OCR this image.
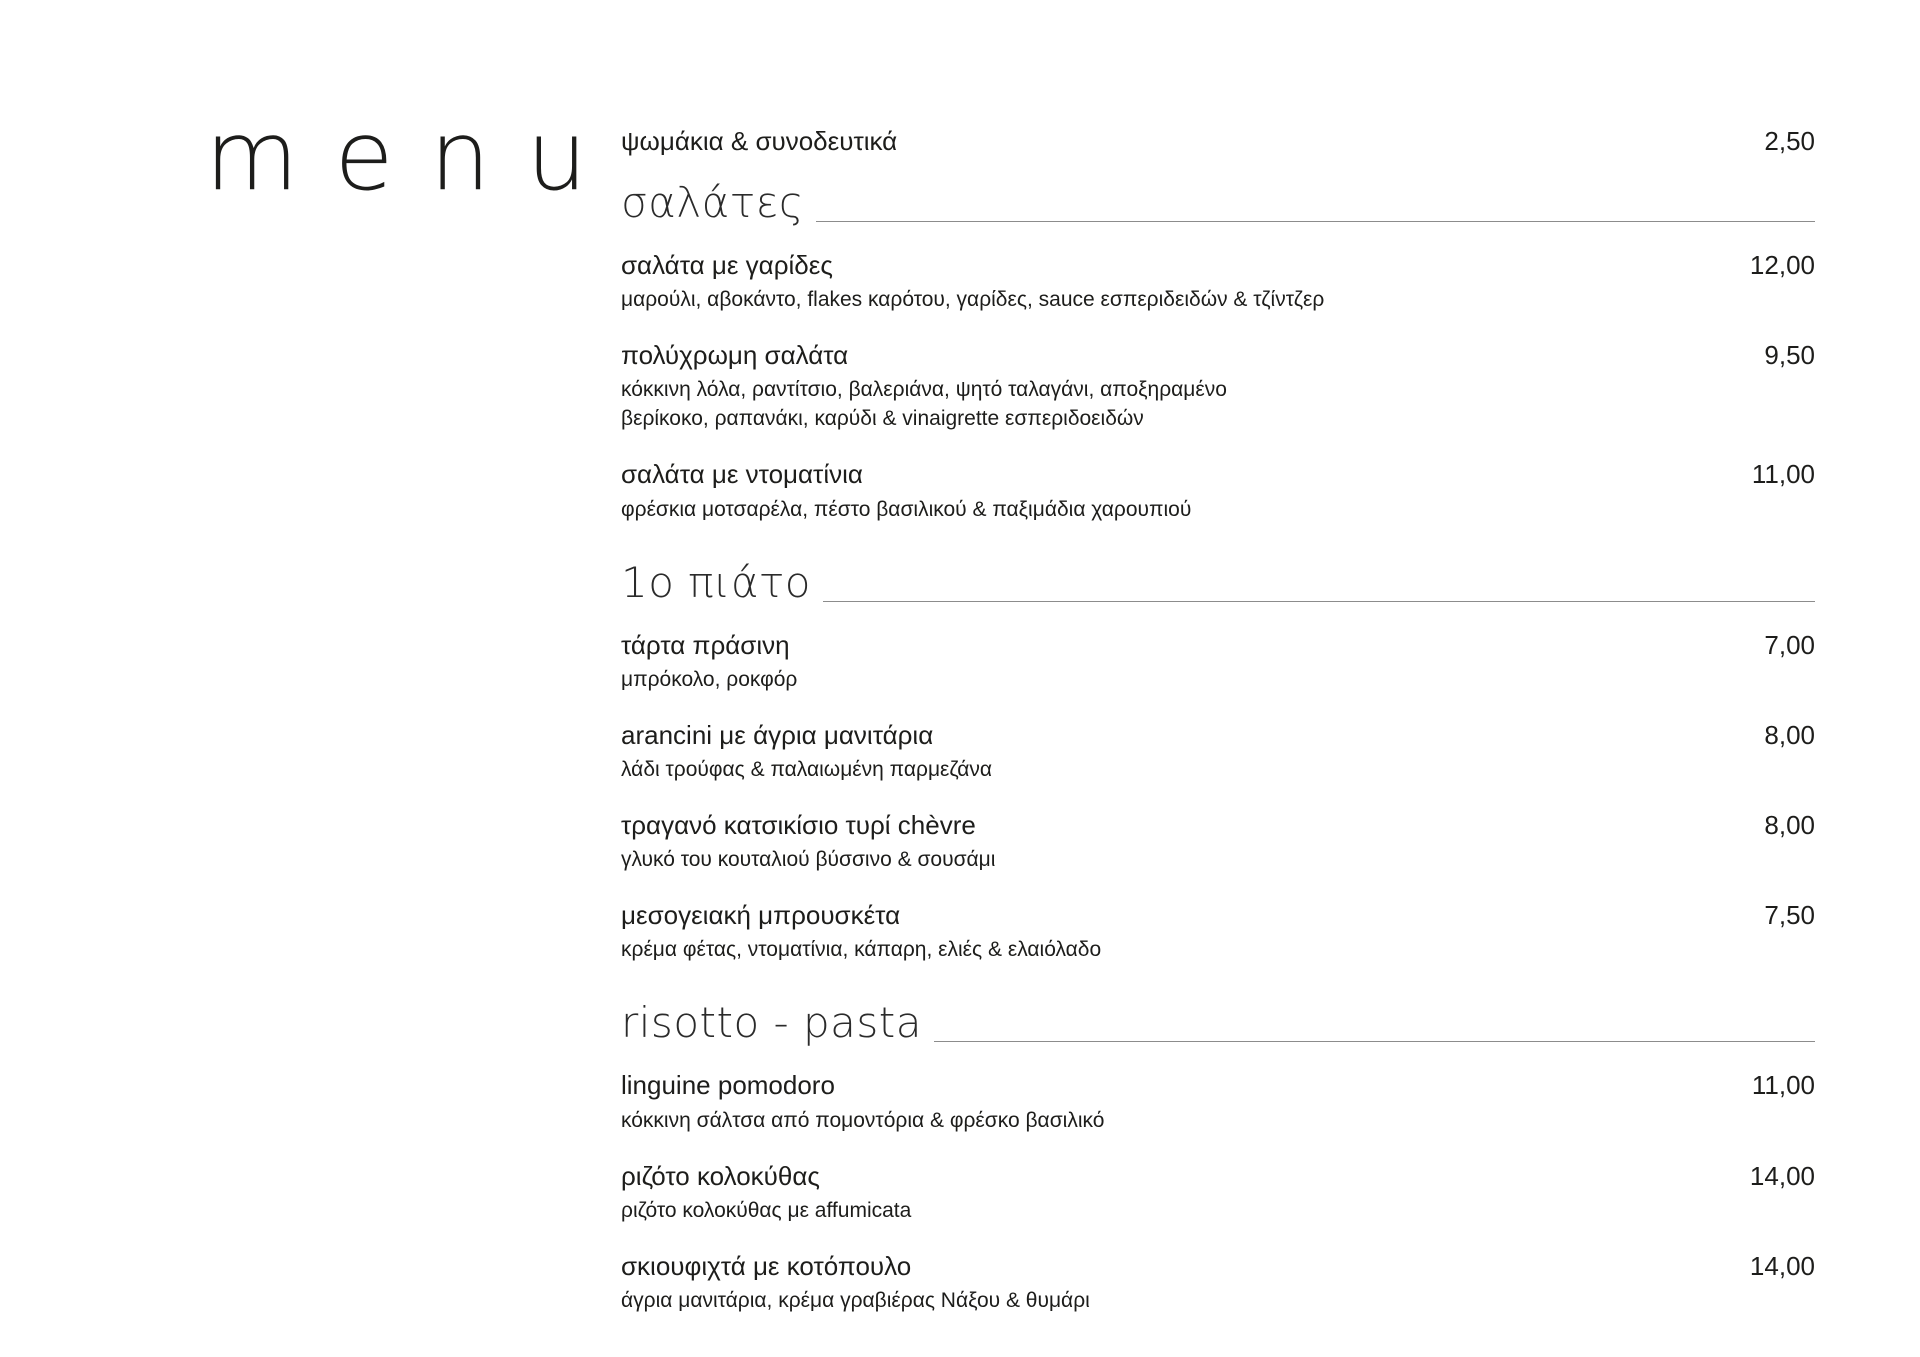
menu
ψωμάκια & συνοδευτικά	2,50
σαλάτες
σαλάτα με γαρίδες	12,00
μαρούλι, αβοκάντο, flakes καρότου, γαρίδες, sauce εσπεριδειδών & τζίντζερ
πολύχρωμη σαλάτα	9,50
κόκκινη λόλα, ραντίτσιο, βαλεριάνα, ψητό ταλαγάνι, αποξηραμένο
βερίκοκο, ραπανάκι, καρύδι & vinaigrette εσπεριδοειδών
σαλάτα με ντοματίνια	11,00
φρέσκια μοτσαρέλα, πέστο βασιλικού & παξιμάδια χαρουπιού
1ο πιάτο
τάρτα πράσινη	7,00
μπρόκολο, ροκφόρ
arancini με άγρια μανιτάρια	8,00
λάδι τρούφας & παλαιωμένη παρμεζάνα
τραγανό κατσικίσιο τυρί chèvre	8,00
γλυκό του κουταλιού βύσσινο & σουσάμι
μεσογειακή μπρουσκέτα	7,50
κρέμα φέτας, ντοματίνια, κάπαρη, ελιές & ελαιόλαδο
risotto - pasta
linguine pomodoro	11,00
κόκκινη σάλτσα από πομοντόρια & φρέσκο βασιλικό
ριζότο κολοκύθας	14,00
ριζότο κολοκύθας με affumicata
σκιουφιχτά με κοτόπουλο	14,00
άγρια μανιτάρια, κρέμα γραβιέρας Νάξου & θυμάρι
